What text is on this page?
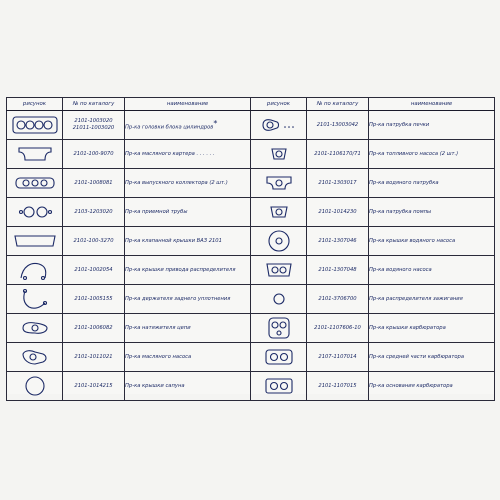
рисунок	№ по каталогу	наименование	рисунок	№ по каталогу	наименование

2101-1003020
21011-1003020	Пр-ка головки блока цилиндров*		2101-13003042	Пр-ка патрубка печки

2101-100-9070	Пр-ка масляного картера . . . . . .		2101-1106170/71	Пр-ка топливного насоса (2 шт.)

2101-1008081	Пр-ка выпускного коллектора (2 шт.)		2101-1303017	Пр-ка водяного патрубка

2103-1203020	Пр-ка приемной трубы		2101-1014230	Пр-ка патрубка помпы

2101-100-3270	Пр-ка клапанной крышки ВАЗ 2101		2101-1307046	Пр-ка крышки водяного насоса

2101-1002054	Пр-ка крышки привода распределителя		2101-1307048	Пр-ка водяного насоса

2101-1005155	Пр-ка держателя заднего уплотнения		2101-3706700	Пр-ка распределителя зажигания

2101-1006082	Пр-ка натяжителя цепи		2101-1107606-10	Пр-ка крышки карбюратора

2101-1011021	Пр-ка масляного насоса		2107-1107014	Пр-ка средней части карбюратора

2101-1014215	Пр-ка крышки сапуна		2101-1107015	Пр-ка основания карбюратора
